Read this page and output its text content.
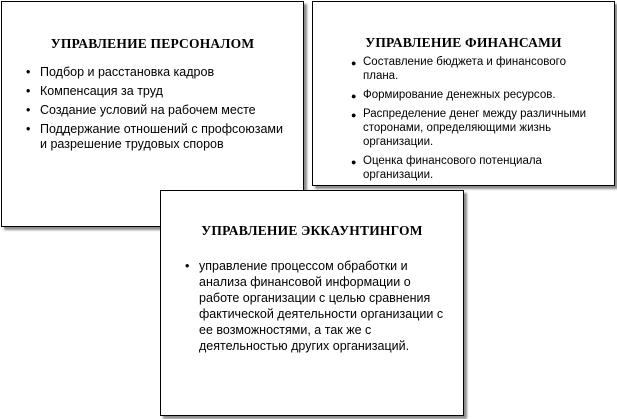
УПРАВЛЕНИЕ ПЕРСОНАЛОМ
• Подбор и расстановка кадров
• Компенсация за труд
• Создание условий на рабочем месте
• Поддержание отношений с профсоюзами и разрешение трудовых споров
УПРАВЛЕНИЕ ФИНАНСАМИ
● Составление бюджета и финансового плана.
● Формирование денежных ресурсов.
● Распределение денег между различными сторонами, определяющими жизнь организации.
● Оценка финансового потенциала организации.
УПРАВЛЕНИЕ ЭККАУНТИНГОМ
• управление процессом обработки и анализа финансовой информации о работе организации с целью сравнения фактической деятельности организации с ее возможностями, а так же с деятельностью других организаций.
